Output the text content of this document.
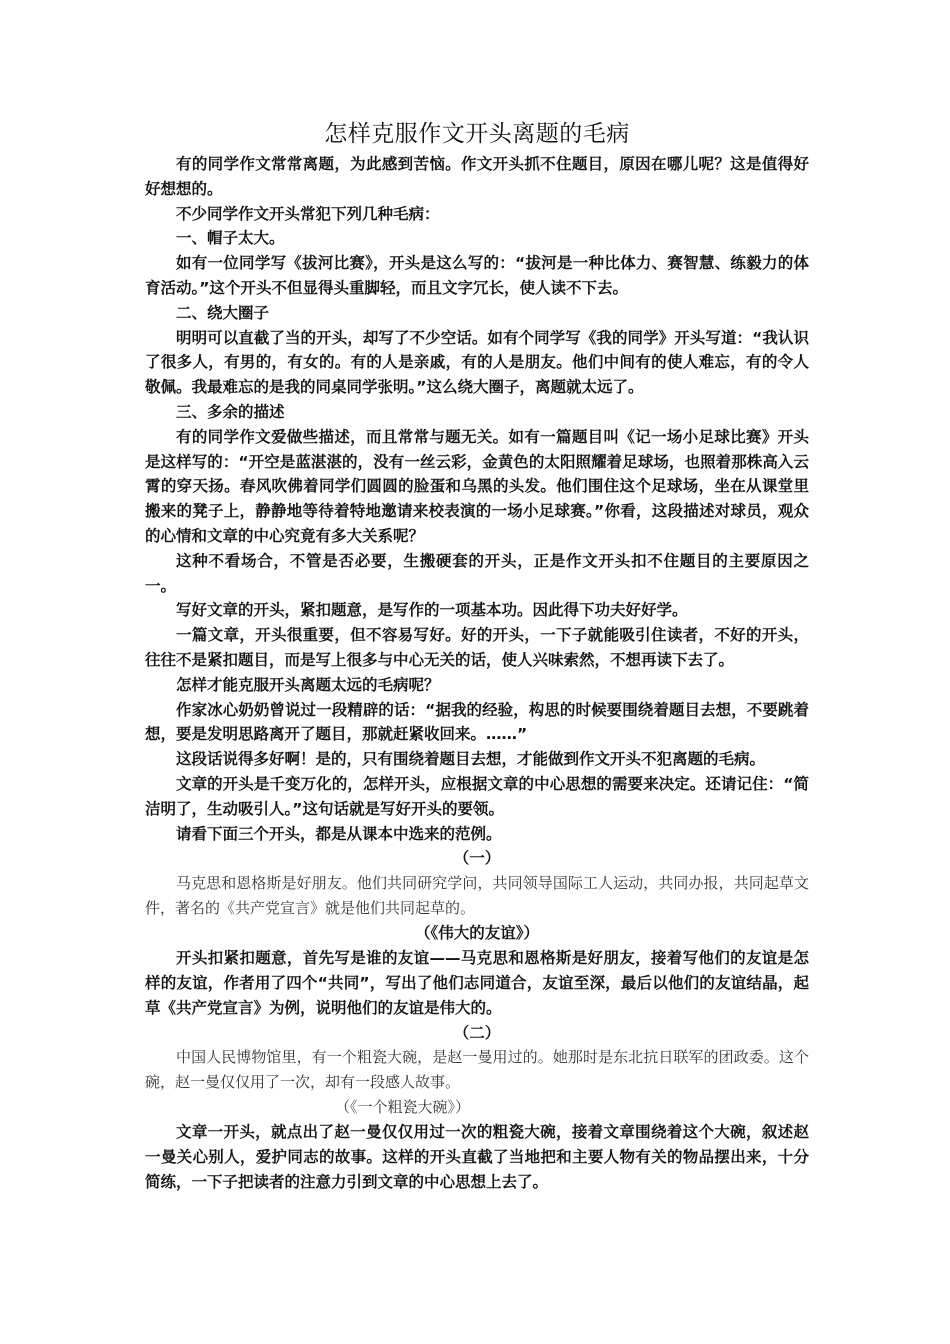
怎样克服作文开头离题的毛病

有的同学作文常常离题，为此感到苦恼。作文开头抓不住题目，原因在哪儿呢？这是值得好好想想的。

不少同学作文开头常犯下列几种毛病：

一、帽子太大。

如有一位同学写《拔河比赛》，开头是这么写的：“拔河是一种比体力、赛智慧、练毅力的体育活动。”这个开头不但显得头重脚轻，而且文字冗长，使人读不下去。

二、绕大圈子

明明可以直截了当的开头，却写了不少空话。如有个同学写《我的同学》开头写道：“我认识了很多人，有男的，有女的。有的人是亲戚，有的人是朋友。他们中间有的使人难忘，有的令人敬佩。我最难忘的是我的同桌同学张明。”这么绕大圈子，离题就太远了。

三、多余的描述

有的同学作文爱做些描述，而且常常与题无关。如有一篇题目叫《记一场小足球比赛》开头是这样写的：“开空是蓝湛湛的，没有一丝云彩，金黄色的太阳照耀着足球场，也照着那株高入云霄的穿天扬。春风吹佛着同学们圆圆的脸蛋和乌黑的头发。他们围住这个足球场，坐在从课堂里搬来的凳子上，静静地等待着特地邀请来校表演的一场小足球赛。”你看，这段描述对球员，观众的心情和文章的中心究竟有多大关系呢？

这种不看场合，不管是否必要，生搬硬套的开头，正是作文开头扣不住题目的主要原因之一。

写好文章的开头，紧扣题意，是写作的一项基本功。因此得下功夫好好学。

一篇文章，开头很重要，但不容易写好。好的开头，一下子就能吸引住读者，不好的开头，往往不是紧扣题目，而是写上很多与中心无关的话，使人兴味索然，不想再读下去了。

怎样才能克服开头离题太远的毛病呢？

作家冰心奶奶曾说过一段精辟的话：“据我的经验，构思的时候要围绕着题目去想，不要跳着想，要是发明思路离开了题目，那就赶紧收回来。……”

这段话说得多好啊！是的，只有围绕着题目去想，才能做到作文开头不犯离题的毛病。

文章的开头是千变万化的，怎样开头，应根据文章的中心思想的需要来决定。还请记住：“简洁明了，生动吸引人。”这句话就是写好开头的要领。

请看下面三个开头，都是从课本中选来的范例。

（一）

马克思和恩格斯是好朋友。他们共同研究学问，共同领导国际工人运动，共同办报，共同起草文件，著名的《共产党宣言》就是他们共同起草的。

（《伟大的友谊》）

开头扣紧扣题意，首先写是谁的友谊——马克思和恩格斯是好朋友，接着写他们的友谊是怎样的友谊，作者用了四个“共同”，写出了他们志同道合，友谊至深，最后以他们的友谊结晶，起草《共产党宣言》为例，说明他们的友谊是伟大的。

（二）

中国人民博物馆里，有一个粗瓷大碗，是赵一曼用过的。她那时是东北抗日联军的团政委。这个碗，赵一曼仅仅用了一次，却有一段感人故事。

（《一个粗瓷大碗》）

文章一开头，就点出了赵一曼仅仅用过一次的粗瓷大碗，接着文章围绕着这个大碗，叙述赵一曼关心别人，爱护同志的故事。这样的开头直截了当地把和主要人物有关的物品摆出来，十分简练，一下子把读者的注意力引到文章的中心思想上去了。
